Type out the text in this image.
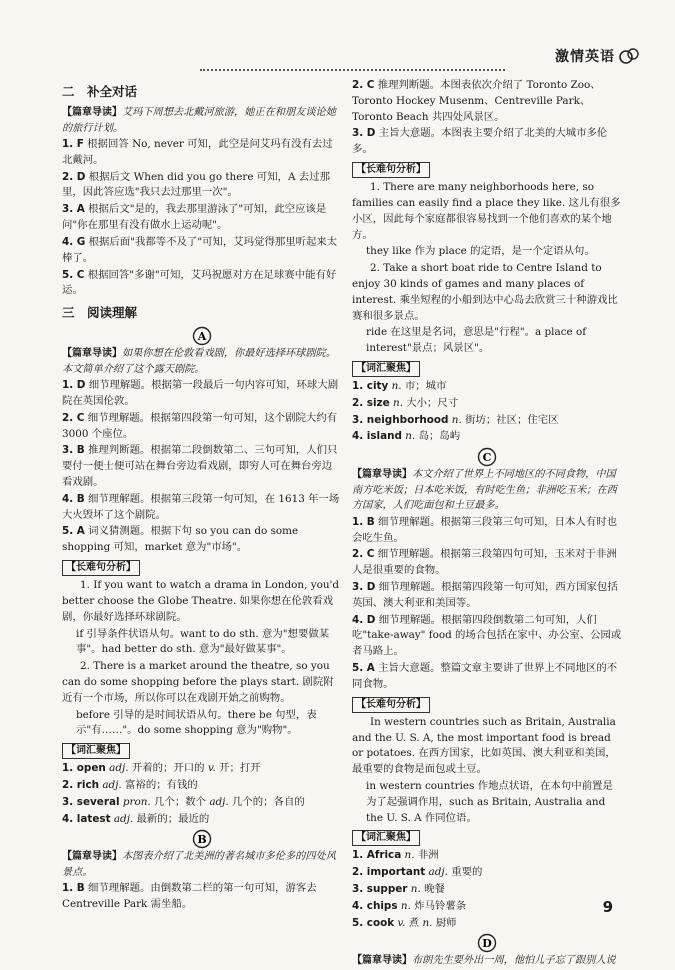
激情英语

二　补全对话

【篇章导读】艾玛下周想去北戴河旅游，她正在和朋友谈论她的旅行计划。

1. F 根据回答 No, never 可知，此空是问艾玛有没有去过北戴河。

2. D 根据后文 When did you go there 可知，A 去过那里，因此答应选"我只去过那里一次"。

3. A 根据后文"是的，我去那里游泳了"可知，此空应该是问"你在那里有没有做水上运动呢"。

4. G 根据后面"我都等不及了"可知，艾玛觉得那里听起来太棒了。

5. C 根据回答"多谢"可知，艾玛祝愿对方在足球赛中能有好运。

三　阅读理解

A

【篇章导读】如果你想在伦敦看戏剧，你最好选择环球剧院。本文简单介绍了这个露天剧院。

1. D 细节理解题。根据第一段最后一句内容可知，环球大剧院在英国伦敦。

2. C 细节理解题。根据第四段第一句可知，这个剧院大约有 3000 个座位。

3. B 推理判断题。根据第二段倒数第二、三句可知，人们只要付一便士便可站在舞台旁边看戏剧，即穷人可在舞台旁边看戏剧。

4. B 细节理解题。根据第三段第一句可知，在 1613 年一场大火毁坏了这个剧院。

5. A 词义猜测题。根据下句 so you can do some shopping 可知，market 意为"市场"。

【长难句分析】

1. If you want to watch a drama in London, you'd better choose the Globe Theatre. 如果你想在伦敦看戏剧，你最好选择环球剧院。

if 引导条件状语从句。want to do sth. 意为"想要做某事"。had better do sth. 意为"最好做某事"。

2. There is a market around the theatre, so you can do some shopping before the plays start. 剧院附近有一个市场，所以你可以在戏剧开始之前购物。

before 引导的是时间状语从句。there be 句型，表示"有……"。do some shopping 意为"购物"。

【词汇聚焦】

1. open adj. 开着的；开口的 v. 开；打开

2. rich adj. 富裕的；有钱的

3. several pron. 几个；数个 adj. 几个的；各自的

4. latest adj. 最新的；最近的

B

【篇章导读】本图表介绍了北美洲的著名城市多伦多的四处风景点。

1. B 细节理解题。由倒数第二栏的第一句可知，游客去 Centreville Park 需坐船。

2. C 推理判断题。本图表依次介绍了 Toronto Zoo、Toronto Hockey Musenm、Centreville Park、Toronto Beach 共四处风景区。

3. D 主旨大意题。本图表主要介绍了北美的大城市多伦多。

【长难句分析】

1. There are many neighborhoods here, so families can easily find a place they like. 这儿有很多小区，因此每个家庭都很容易找到一个他们喜欢的某个地方。

they like 作为 place 的定语，是一个定语从句。

2. Take a short boat ride to Centre Island to enjoy 30 kinds of games and many places of interest. 乘坐短程的小船到达中心岛去欣赏三十种游戏比赛和很多景点。

ride 在这里是名词，意思是"行程"。a place of interest"景点；风景区"。

【词汇聚焦】

1. city n. 市；城市

2. size n. 大小；尺寸

3. neighborhood n. 街坊；社区；住宅区

4. island n. 岛；岛屿

C

【篇章导读】本文介绍了世界上不同地区的不同食物，中国南方吃米饭；日本吃米饭，有时吃生鱼；非洲吃玉米；在西方国家，人们吃面包和土豆最多。

1. B 细节理解题。根据第三段第三句可知，日本人有时也会吃生鱼。

2. C 细节理解题。根据第三段第四句可知，玉米对于非洲人是很重要的食物。

3. D 细节理解题。根据第四段第一句可知，西方国家包括英国、澳大利亚和美国等。

4. D 细节理解题。根据第四段倒数第二句可知，人们吃"take-away" food 的场合包括在家中、办公室、公园或者马路上。

5. A 主旨大意题。整篇文章主要讲了世界上不同地区的不同食物。

【长难句分析】

In western countries such as Britain, Australia and the U. S. A, the most important food is bread or potatoes. 在西方国家，比如英国、澳大利亚和美国，最重要的食物是面包或土豆。

in western countries 作地点状语，在本句中前置是为了起强调作用，such as Britain, Australia and the U. S. A 作同位语。

【词汇聚焦】

1. Africa n. 非洲

2. important adj. 重要的

3. supper n. 晚餐

4. chips n. 炸马铃薯条

5. cook v. 煮 n. 厨师

D

【篇章导读】布朗先生要外出一周，他怕儿子忘了跟别人说

9
